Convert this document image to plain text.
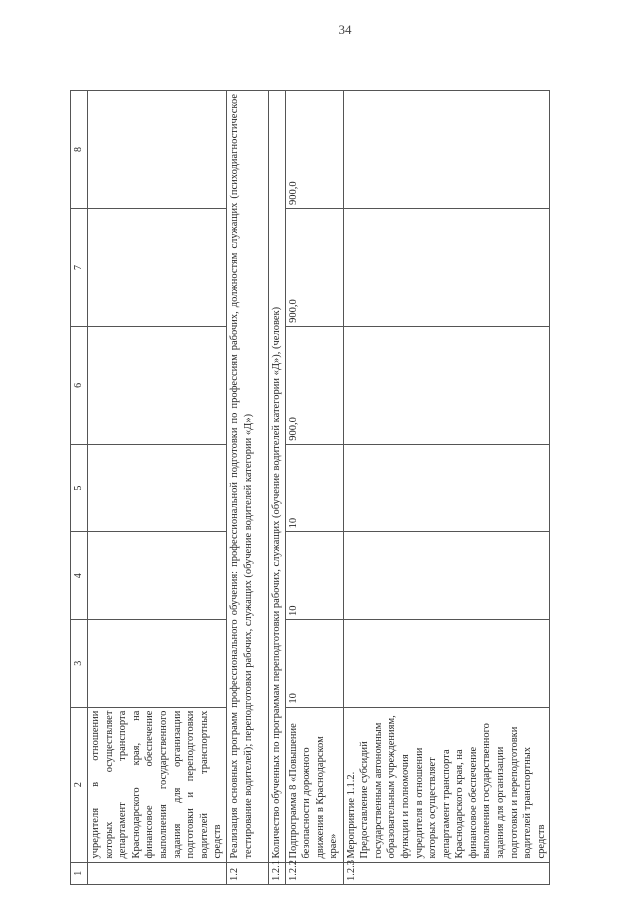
34
1	2	3	4	5	6	7	8
	учредителя в отношении которых осуществляет департамент транспорта Краснодарского края, на финансовое обеспечение выполнения государственного задания для организации подготовки и переподготовки водителей транспортных средств						
1.2	Реализация основных программ профессионального обучения: профессиональной подготовки по профессиям рабочих, должностям служащих (психодиагностическое тестирование водителей); переподготовки рабочих, служащих (обучение водителей категории «Д»)						
1.2.1	Количество обученных по программам переподготовки рабочих, служащих (обучение водителей категории «Д»), (человек)						
1.2.2	Подпрограмма 8 «Повышение безопасности дорожного движения в Краснодарском крае»	10	10	10	900,0	900,0	900,0
1.2.3	Мероприятие 1.1.2. Предоставление субсидий государственным автономным образовательным учреждениям, функции и полномочия учредителя в отношении которых осуществляет департамент транспорта Краснодарского края, на финансовое обеспечение выполнения государственного задания для организации подготовки и переподготовки водителей транспортных средств						
